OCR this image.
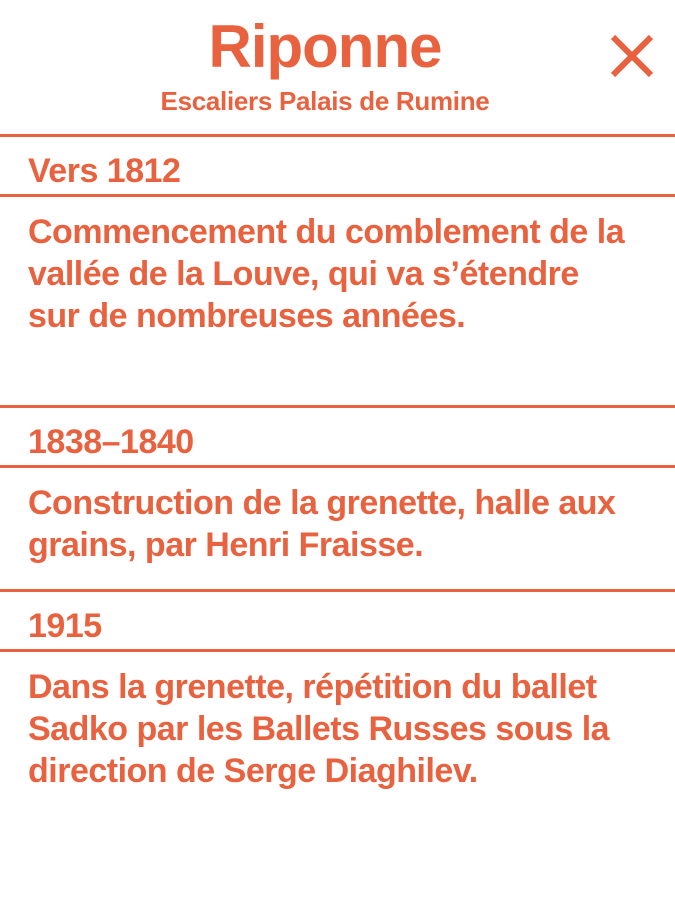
Riponne
Escaliers Palais de Rumine
Vers 1812
Commencement du comblement de la vallée de la Louve, qui va s’étendre sur de nombreuses années.
1838–1840
Construction de la grenette, halle aux grains, par Henri Fraisse.
1915
Dans la grenette, répétition du ballet Sadko par les Ballets Russes sous la direction de Serge Diaghilev.
